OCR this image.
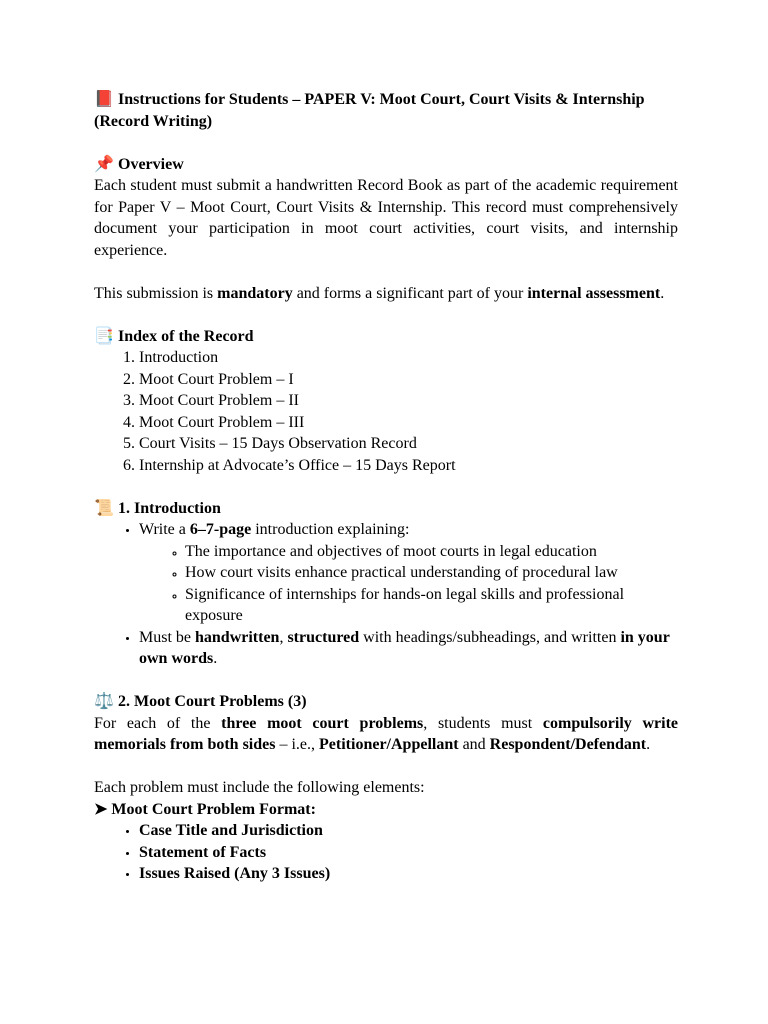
📕 Instructions for Students – PAPER V: Moot Court, Court Visits & Internship (Record Writing)
📌 Overview
Each student must submit a handwritten Record Book as part of the academic requirement for Paper V – Moot Court, Court Visits & Internship. This record must comprehensively document your participation in moot court activities, court visits, and internship experience.
This submission is mandatory and forms a significant part of your internal assessment.
📑 Index of the Record
1. Introduction
2. Moot Court Problem – I
3. Moot Court Problem – II
4. Moot Court Problem – III
5. Court Visits – 15 Days Observation Record
6. Internship at Advocate’s Office – 15 Days Report
📜 1. Introduction
• Write a 6–7-page introduction explaining:
◦ The importance and objectives of moot courts in legal education
◦ How court visits enhance practical understanding of procedural law
◦ Significance of internships for hands-on legal skills and professional exposure
• Must be handwritten, structured with headings/subheadings, and written in your own words.
⚖️ 2. Moot Court Problems (3)
For each of the three moot court problems, students must compulsorily write memorials from both sides – i.e., Petitioner/Appellant and Respondent/Defendant.
Each problem must include the following elements:
➤ Moot Court Problem Format:
• Case Title and Jurisdiction
• Statement of Facts
• Issues Raised (Any 3 Issues)
